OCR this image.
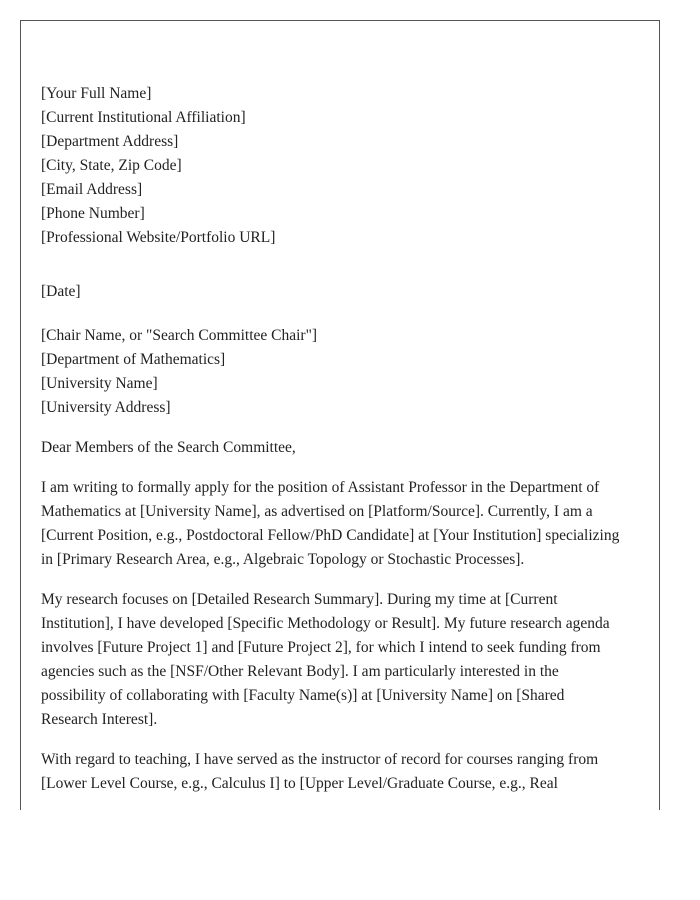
[Your Full Name]
[Current Institutional Affiliation]
[Department Address]
[City, State, Zip Code]
[Email Address]
[Phone Number]
[Professional Website/Portfolio URL]
[Date]
[Chair Name, or "Search Committee Chair"]
[Department of Mathematics]
[University Name]
[University Address]
Dear Members of the Search Committee,
I am writing to formally apply for the position of Assistant Professor in the Department of
Mathematics at [University Name], as advertised on [Platform/Source]. Currently, I am a
[Current Position, e.g., Postdoctoral Fellow/PhD Candidate] at [Your Institution] specializing
in [Primary Research Area, e.g., Algebraic Topology or Stochastic Processes].
My research focuses on [Detailed Research Summary]. During my time at [Current
Institution], I have developed [Specific Methodology or Result]. My future research agenda
involves [Future Project 1] and [Future Project 2], for which I intend to seek funding from
agencies such as the [NSF/Other Relevant Body]. I am particularly interested in the
possibility of collaborating with [Faculty Name(s)] at [University Name] on [Shared
Research Interest].
With regard to teaching, I have served as the instructor of record for courses ranging from
[Lower Level Course, e.g., Calculus I] to [Upper Level/Graduate Course, e.g., Real
